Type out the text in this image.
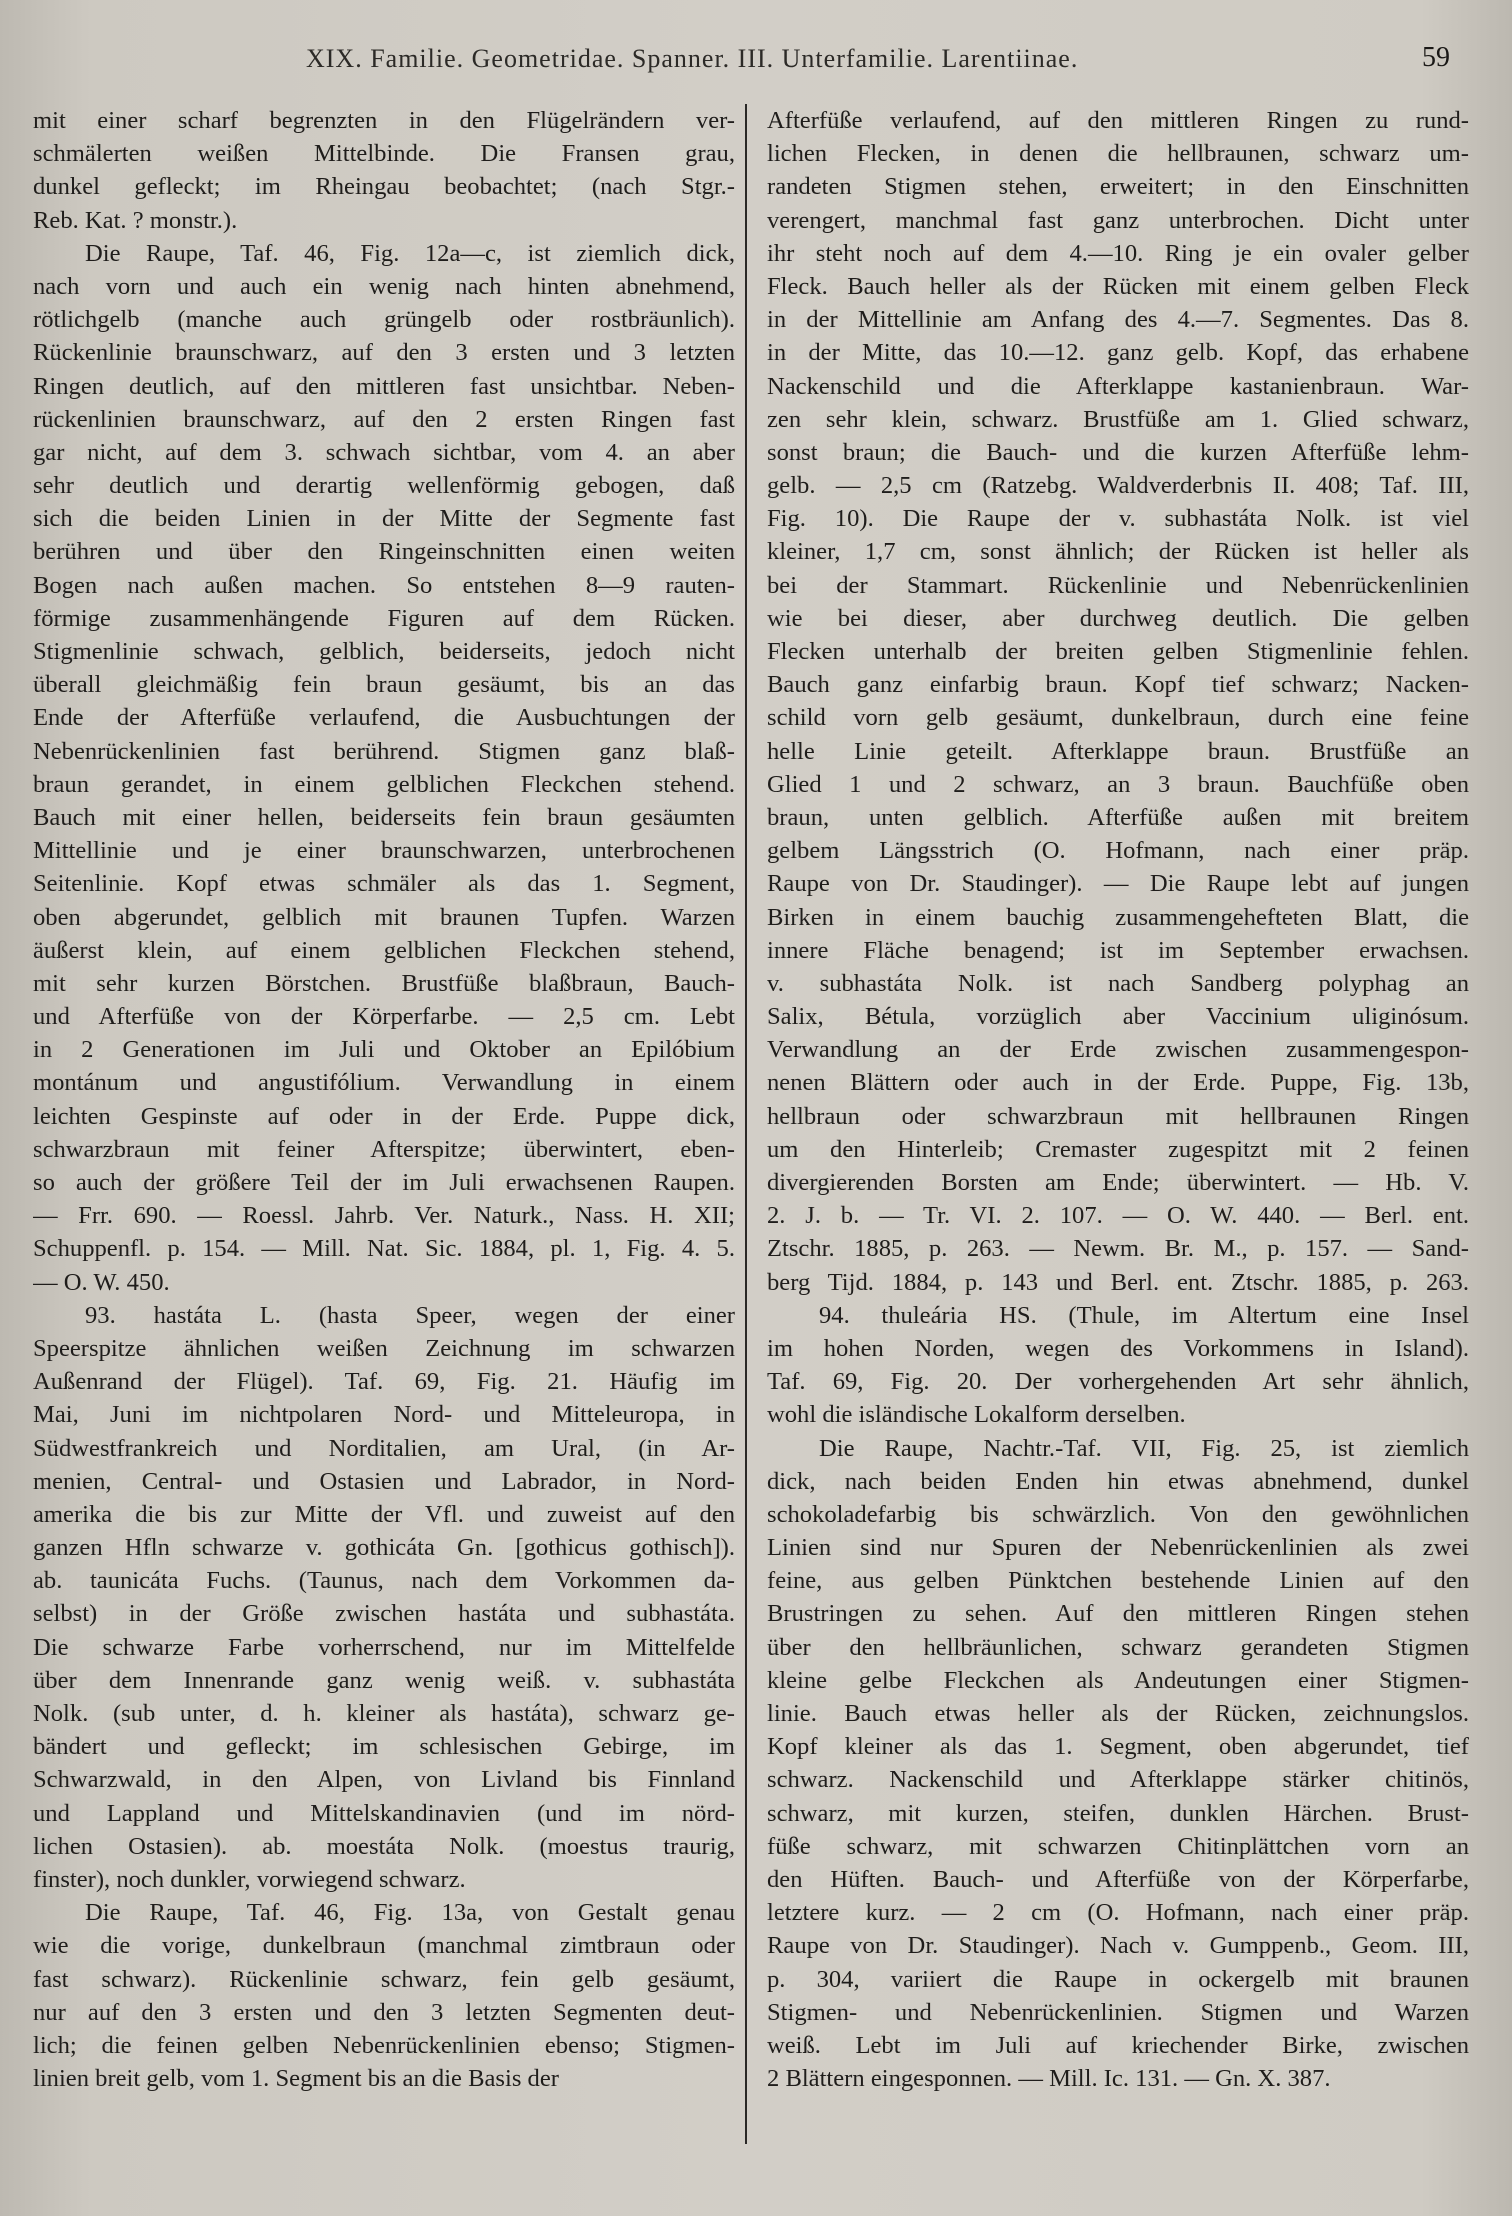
XIX. Familie. Geometridae. Spanner. III. Unterfamilie. Larentiinae.	59
mit einer scharf begrenzten in den Flügelrändern ver-
schmälerten weißen Mittelbinde. Die Fransen grau,
dunkel gefleckt; im Rheingau beobachtet; (nach Stgr.-
Reb. Kat. ? monstr.).
Die Raupe, Taf. 46, Fig. 12a—c, ist ziemlich dick,
nach vorn und auch ein wenig nach hinten abnehmend,
rötlichgelb (manche auch grüngelb oder rostbräunlich).
Rückenlinie braunschwarz, auf den 3 ersten und 3 letzten
Ringen deutlich, auf den mittleren fast unsichtbar. Neben-
rückenlinien braunschwarz, auf den 2 ersten Ringen fast
gar nicht, auf dem 3. schwach sichtbar, vom 4. an aber
sehr deutlich und derartig wellenförmig gebogen, daß
sich die beiden Linien in der Mitte der Segmente fast
berühren und über den Ringeinschnitten einen weiten
Bogen nach außen machen. So entstehen 8—9 rauten-
förmige zusammenhängende Figuren auf dem Rücken.
Stigmenlinie schwach, gelblich, beiderseits, jedoch nicht
überall gleichmäßig fein braun gesäumt, bis an das
Ende der Afterfüße verlaufend, die Ausbuchtungen der
Nebenrückenlinien fast berührend. Stigmen ganz blaß-
braun gerandet, in einem gelblichen Fleckchen stehend.
Bauch mit einer hellen, beiderseits fein braun gesäumten
Mittellinie und je einer braunschwarzen, unterbrochenen
Seitenlinie. Kopf etwas schmäler als das 1. Segment,
oben abgerundet, gelblich mit braunen Tupfen. Warzen
äußerst klein, auf einem gelblichen Fleckchen stehend,
mit sehr kurzen Börstchen. Brustfüße blaßbraun, Bauch-
und Afterfüße von der Körperfarbe. — 2,5 cm. Lebt
in 2 Generationen im Juli und Oktober an Epilóbium
montánum und angustifólium. Verwandlung in einem
leichten Gespinste auf oder in der Erde. Puppe dick,
schwarzbraun mit feiner Afterspitze; überwintert, eben-
so auch der größere Teil der im Juli erwachsenen Raupen.
— Frr. 690. — Roessl. Jahrb. Ver. Naturk., Nass. H. XII;
Schuppenfl. p. 154. — Mill. Nat. Sic. 1884, pl. 1, Fig. 4. 5.
— O. W. 450.
93. hastáta L. (hasta Speer, wegen der einer
Speerspitze ähnlichen weißen Zeichnung im schwarzen
Außenrand der Flügel). Taf. 69, Fig. 21. Häufig im
Mai, Juni im nichtpolaren Nord- und Mitteleuropa, in
Südwestfrankreich und Norditalien, am Ural, (in Ar-
menien, Central- und Ostasien und Labrador, in Nord-
amerika die bis zur Mitte der Vfl. und zuweist auf den
ganzen Hfln schwarze v. gothicáta Gn. [gothicus gothisch]).
ab. taunicáta Fuchs. (Taunus, nach dem Vorkommen da-
selbst) in der Größe zwischen hastáta und subhastáta.
Die schwarze Farbe vorherrschend, nur im Mittelfelde
über dem Innenrande ganz wenig weiß. v. subhastáta
Nolk. (sub unter, d. h. kleiner als hastáta), schwarz ge-
bändert und gefleckt; im schlesischen Gebirge, im
Schwarzwald, in den Alpen, von Livland bis Finnland
und Lappland und Mittelskandinavien (und im nörd-
lichen Ostasien). ab. moestáta Nolk. (moestus traurig,
finster), noch dunkler, vorwiegend schwarz.
Die Raupe, Taf. 46, Fig. 13a, von Gestalt genau
wie die vorige, dunkelbraun (manchmal zimtbraun oder
fast schwarz). Rückenlinie schwarz, fein gelb gesäumt,
nur auf den 3 ersten und den 3 letzten Segmenten deut-
lich; die feinen gelben Nebenrückenlinien ebenso; Stigmen-
linien breit gelb, vom 1. Segment bis an die Basis der
Afterfüße verlaufend, auf den mittleren Ringen zu rund-
lichen Flecken, in denen die hellbraunen, schwarz um-
randeten Stigmen stehen, erweitert; in den Einschnitten
verengert, manchmal fast ganz unterbrochen. Dicht unter
ihr steht noch auf dem 4.—10. Ring je ein ovaler gelber
Fleck. Bauch heller als der Rücken mit einem gelben Fleck
in der Mittellinie am Anfang des 4.—7. Segmentes. Das 8.
in der Mitte, das 10.—12. ganz gelb. Kopf, das erhabene
Nackenschild und die Afterklappe kastanienbraun. War-
zen sehr klein, schwarz. Brustfüße am 1. Glied schwarz,
sonst braun; die Bauch- und die kurzen Afterfüße lehm-
gelb. — 2,5 cm (Ratzebg. Waldverderbnis II. 408; Taf. III,
Fig. 10). Die Raupe der v. subhastáta Nolk. ist viel
kleiner, 1,7 cm, sonst ähnlich; der Rücken ist heller als
bei der Stammart. Rückenlinie und Nebenrückenlinien
wie bei dieser, aber durchweg deutlich. Die gelben
Flecken unterhalb der breiten gelben Stigmenlinie fehlen.
Bauch ganz einfarbig braun. Kopf tief schwarz; Nacken-
schild vorn gelb gesäumt, dunkelbraun, durch eine feine
helle Linie geteilt. Afterklappe braun. Brustfüße an
Glied 1 und 2 schwarz, an 3 braun. Bauchfüße oben
braun, unten gelblich. Afterfüße außen mit breitem
gelbem Längsstrich (O. Hofmann, nach einer präp.
Raupe von Dr. Staudinger). — Die Raupe lebt auf jungen
Birken in einem bauchig zusammengehefteten Blatt, die
innere Fläche benagend; ist im September erwachsen.
v. subhastáta Nolk. ist nach Sandberg polyphag an
Salix, Bétula, vorzüglich aber Vaccinium uliginósum.
Verwandlung an der Erde zwischen zusammengespon-
nenen Blättern oder auch in der Erde. Puppe, Fig. 13b,
hellbraun oder schwarzbraun mit hellbraunen Ringen
um den Hinterleib; Cremaster zugespitzt mit 2 feinen
divergierenden Borsten am Ende; überwintert. — Hb. V.
2. J. b. — Tr. VI. 2. 107. — O. W. 440. — Berl. ent.
Ztschr. 1885, p. 263. — Newm. Br. M., p. 157. — Sand-
berg Tijd. 1884, p. 143 und Berl. ent. Ztschr. 1885, p. 263.
94. thuleária HS. (Thule, im Altertum eine Insel
im hohen Norden, wegen des Vorkommens in Island).
Taf. 69, Fig. 20. Der vorhergehenden Art sehr ähnlich,
wohl die isländische Lokalform derselben.
Die Raupe, Nachtr.-Taf. VII, Fig. 25, ist ziemlich
dick, nach beiden Enden hin etwas abnehmend, dunkel
schokoladefarbig bis schwärzlich. Von den gewöhnlichen
Linien sind nur Spuren der Nebenrückenlinien als zwei
feine, aus gelben Pünktchen bestehende Linien auf den
Brustringen zu sehen. Auf den mittleren Ringen stehen
über den hellbräunlichen, schwarz gerandeten Stigmen
kleine gelbe Fleckchen als Andeutungen einer Stigmen-
linie. Bauch etwas heller als der Rücken, zeichnungslos.
Kopf kleiner als das 1. Segment, oben abgerundet, tief
schwarz. Nackenschild und Afterklappe stärker chitinös,
schwarz, mit kurzen, steifen, dunklen Härchen. Brust-
füße schwarz, mit schwarzen Chitinplättchen vorn an
den Hüften. Bauch- und Afterfüße von der Körperfarbe,
letztere kurz. — 2 cm (O. Hofmann, nach einer präp.
Raupe von Dr. Staudinger). Nach v. Gumppenb., Geom. III,
p. 304, variiert die Raupe in ockergelb mit braunen
Stigmen- und Nebenrückenlinien. Stigmen und Warzen
weiß. Lebt im Juli auf kriechender Birke, zwischen
2 Blättern eingesponnen. — Mill. Ic. 131. — Gn. X. 387.
